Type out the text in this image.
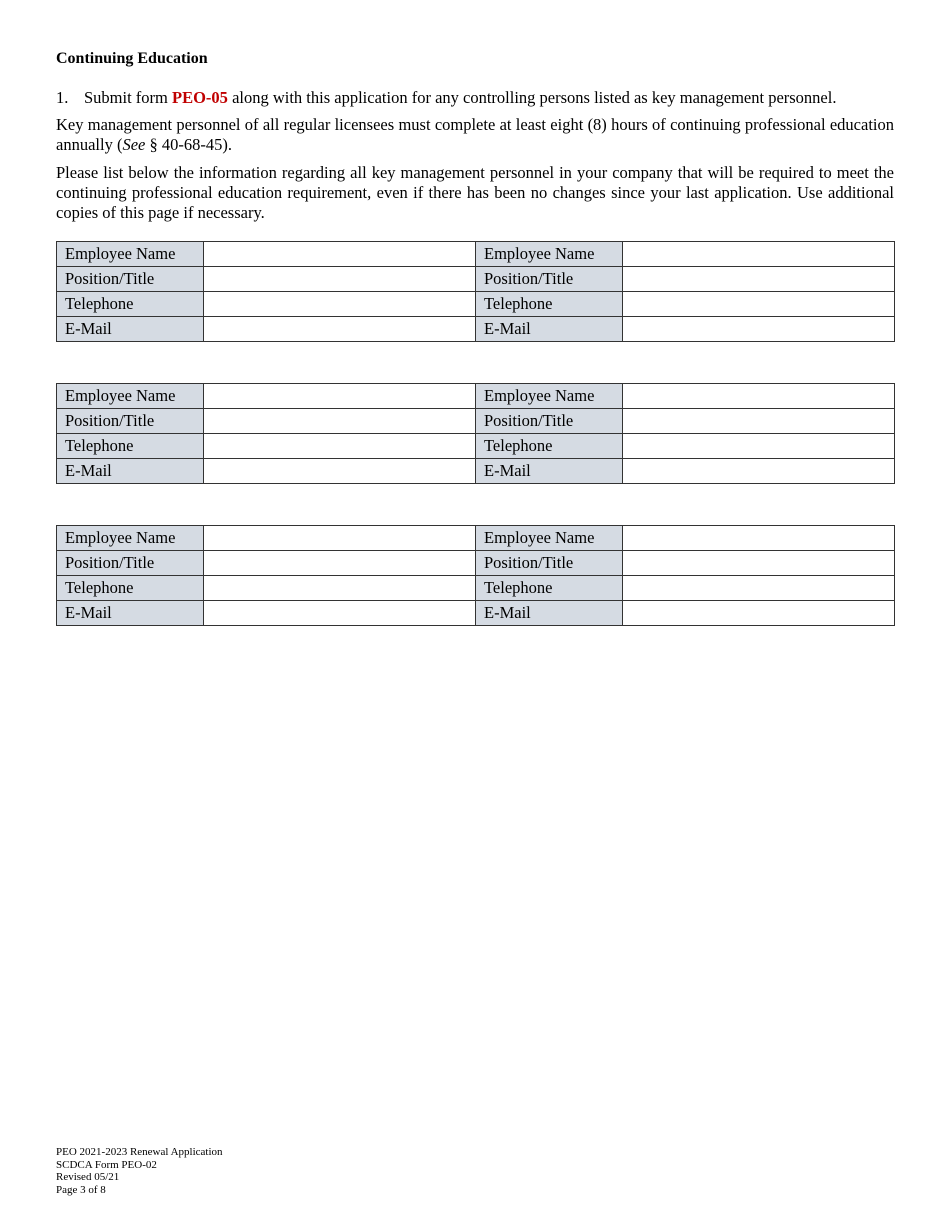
Continuing Education

1. Submit form PEO-05 along with this application for any controlling persons listed as key management personnel.

Key management personnel of all regular licensees must complete at least eight (8) hours of continuing professional education annually (See § 40-68-45).

Please list below the information regarding all key management personnel in your company that will be required to meet the continuing professional education requirement, even if there has been no changes since your last application. Use additional copies of this page if necessary.

Employee Name		Employee Name	
Position/Title		Position/Title	
Telephone		Telephone	
E-Mail		E-Mail	
Employee Name		Employee Name	
Position/Title		Position/Title	
Telephone		Telephone	
E-Mail		E-Mail	
Employee Name		Employee Name	
Position/Title		Position/Title	
Telephone		Telephone	
E-Mail		E-Mail	
PEO 2021-2023 Renewal Application
SCDCA Form PEO-02
Revised 05/21
Page 3 of 8
